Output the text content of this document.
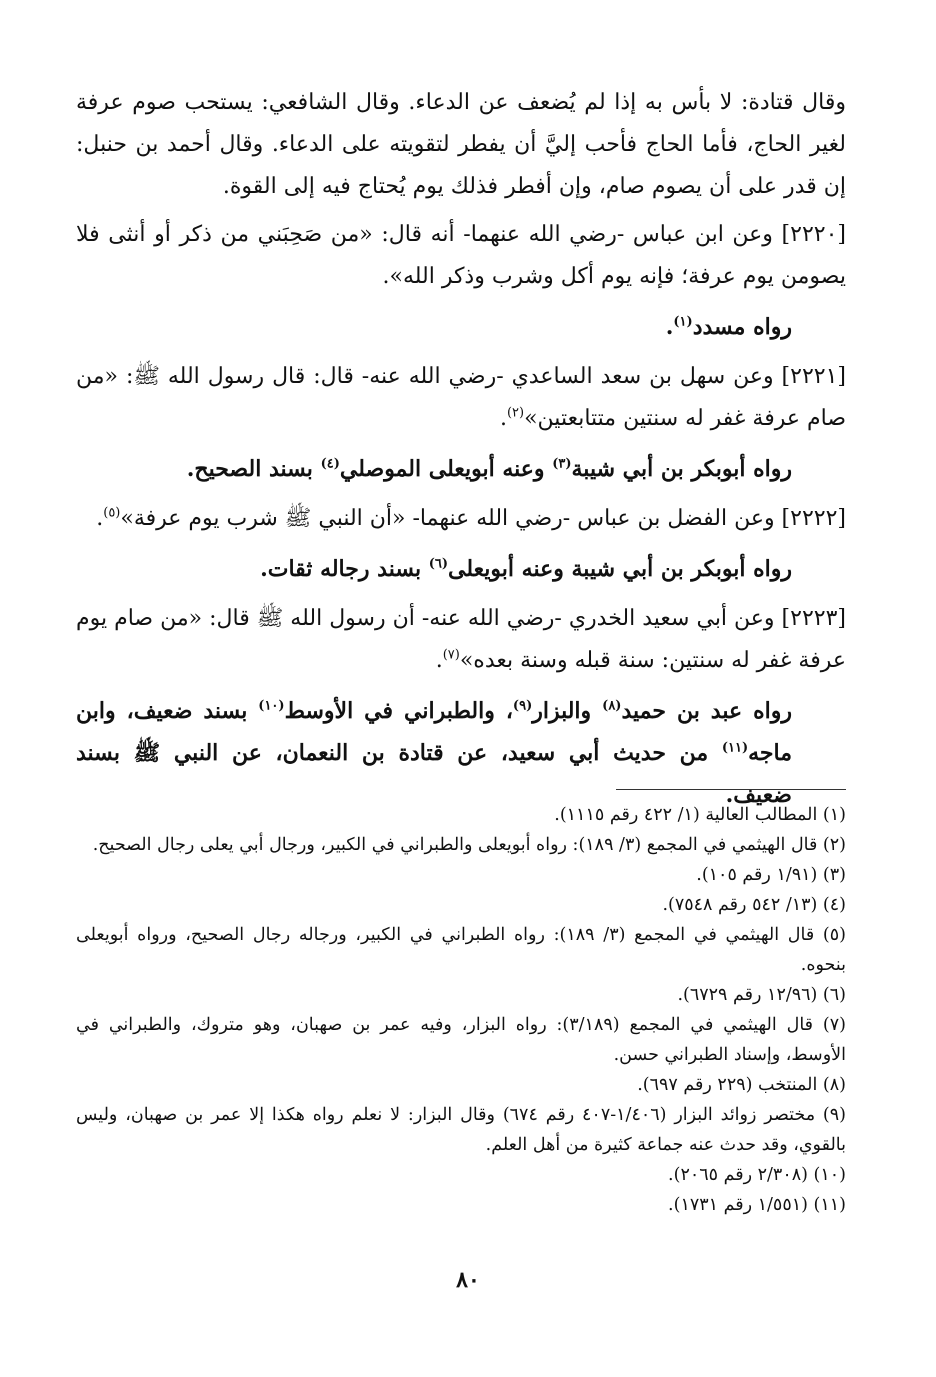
وقال قتادة: لا بأس به إذا لم يُضعف عن الدعاء. وقال الشافعي: يستحب صوم عرفة لغير الحاج، فأما الحاج فأحب إليَّ أن يفطر لتقويته على الدعاء. وقال أحمد بن حنبل: إن قدر على أن يصوم صام، وإن أفطر فذلك يوم يُحتاج فيه إلى القوة.

[٢٢٢٠] وعن ابن عباس -رضي الله عنهما- أنه قال: «من صَحِبَني من ذكر أو أنثى فلا يصومن يوم عرفة؛ فإنه يوم أكل وشرب وذكر الله».

رواه مسدد$^{(١)}$.

[٢٢٢١] وعن سهل بن سعد الساعدي -رضي الله عنه- قال: قال رسول الله ﷺ: «من صام عرفة غفر له سنتين متتابعتين»$^{(٢)}$.

رواه أبوبكر بن أبي شيبة$^{(٣)}$ وعنه أبويعلى الموصلي$^{(٤)}$ بسند الصحيح.

[٢٢٢٢] وعن الفضل بن عباس -رضي الله عنهما- «أن النبي ﷺ شرب يوم عرفة»$^{(٥)}$.

رواه أبوبكر بن أبي شيبة وعنه أبويعلى$^{(٦)}$ بسند رجاله ثقات.

[٢٢٢٣] وعن أبي سعيد الخدري -رضي الله عنه- أن رسول الله ﷺ قال: «من صام يوم عرفة غفر له سنتين: سنة قبله وسنة بعده»$^{(٧)}$.

رواه عبد بن حميد$^{(٨)}$ والبزار$^{(٩)}$، والطبراني في الأوسط$^{(١٠)}$ بسند ضعيف، وابن ماجه$^{(١١)}$ من حديث أبي سعيد، عن قتادة بن النعمان، عن النبي ﷺ بسند ضعيف.

(١) المطالب العالية (١/ ٤٢٢ رقم ١١١٥).

(٢) قال الهيثمي في المجمع (٣/ ١٨٩): رواه أبويعلى والطبراني في الكبير، ورجال أبي يعلى رجال الصحيح.

(٣) (١/٩١ رقم ١٠٥).

(٤) (١٣/ ٥٤٢ رقم ٧٥٤٨).

(٥) قال الهيثمي في المجمع (٣/ ١٨٩): رواه الطبراني في الكبير، ورجاله رجال الصحيح، ورواه أبويعلى بنحوه.

(٦) (١٢/٩٦ رقم ٦٧٢٩).

(٧) قال الهيثمي في المجمع (٣/١٨٩): رواه البزار، وفيه عمر بن صهبان، وهو متروك، والطبراني في الأوسط، وإسناد الطبراني حسن.

(٨) المنتخب (٢٢٩ رقم ٦٩٧).

(٩) مختصر زوائد البزار (١/٤٠٦-٤٠٧ رقم ٦٧٤) وقال البزار: لا نعلم رواه هكذا إلا عمر بن صهبان، وليس بالقوي، وقد حدث عنه جماعة كثيرة من أهل العلم.

(١٠) (٢/٣٠٨ رقم ٢٠٦٥).

(١١) (١/٥٥١ رقم ١٧٣١).

٨٠
